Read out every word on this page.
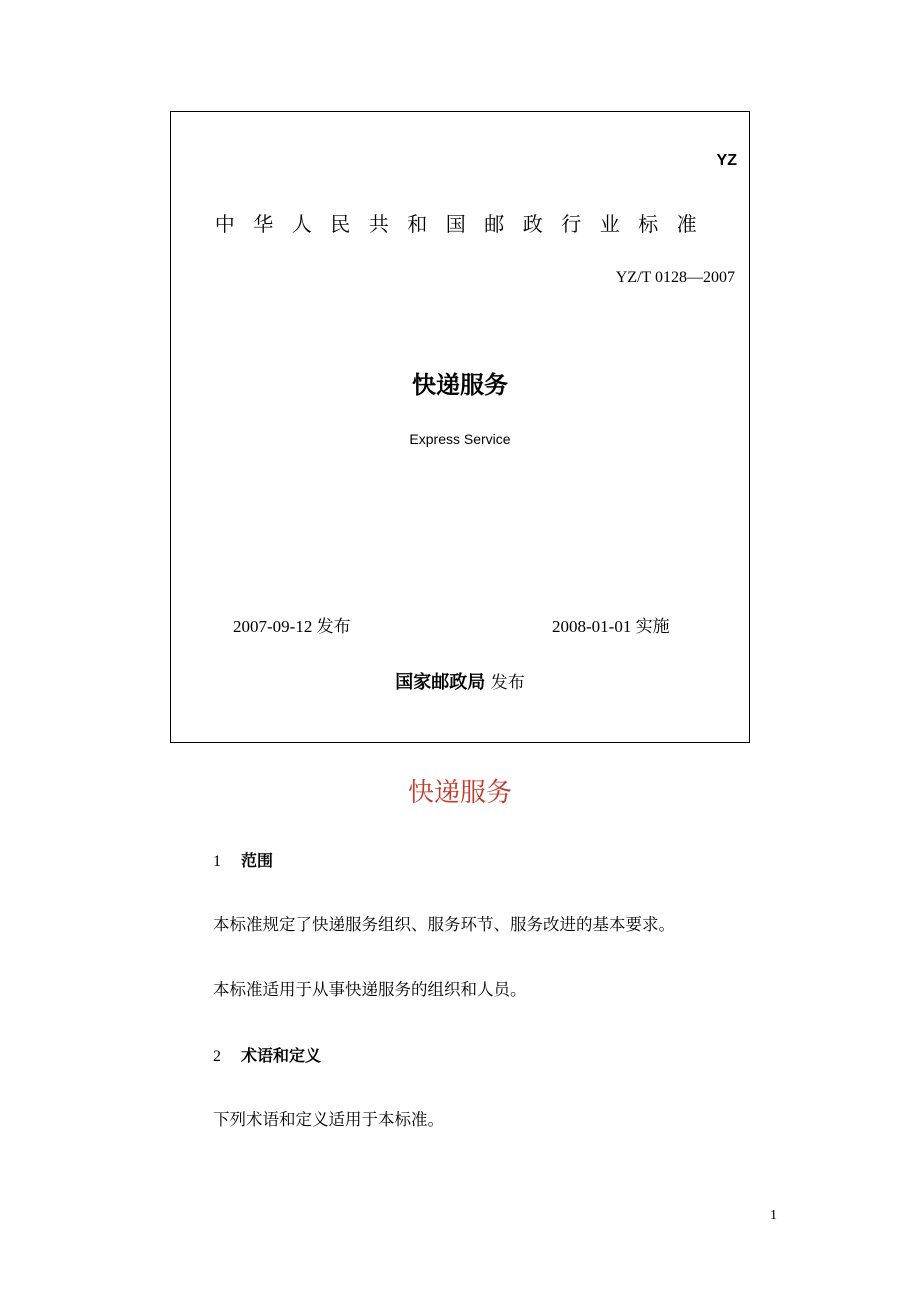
YZ
中华人民共和国邮政行业标准
YZ/T 0128—2007
快递服务
Express Service
2007-09-12 发布	2008-01-01 实施
国家邮政局 发布
快递服务
1 范围
本标准规定了快递服务组织、服务环节、服务改进的基本要求。
本标准适用于从事快递服务的组织和人员。
2 术语和定义
下列术语和定义适用于本标准。
1
